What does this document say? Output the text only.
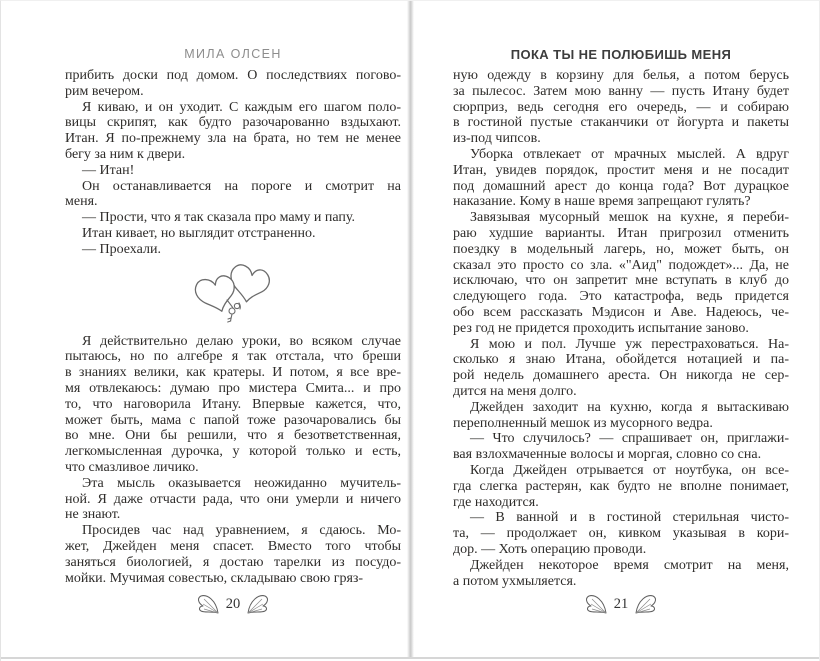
МИЛА ОЛСЕН
прибить доски под домом. О последствиях погово-
рим вечером.
Я киваю, и он уходит. С каждым его шагом поло-
вицы скрипят, как будто разочарованно вздыхают.
Итан. Я по-прежнему зла на брата, но тем не менее
бегу за ним к двери.
— Итан!
Он останавливается на пороге и смотрит на
меня.
— Прости, что я так сказала про маму и папу.
Итан кивает, но выглядит отстраненно.
— Проехали.
Я действительно делаю уроки, во всяком случае
пытаюсь, но по алгебре я так отстала, что бреши
в знаниях велики, как кратеры. И потом, я все вре-
мя отвлекаюсь: думаю про мистера Смита... и про
то, что наговорила Итану. Впервые кажется, что,
может быть, мама с папой тоже разочаровались бы
во мне. Они бы решили, что я безответственная,
легкомысленная дурочка, у которой только и есть,
что смазливое личико.
Эта мысль оказывается неожиданно мучитель-
ной. Я даже отчасти рада, что они умерли и ничего
не знают.
Просидев час над уравнением, я сдаюсь. Мо-
жет, Джейден меня спасет. Вместо того чтобы
заняться биологией, я достаю тарелки из посудо-
мойки. Мучимая совестью, складываю свою гряз-
20
ПОКА ТЫ НЕ ПОЛЮБИШЬ МЕНЯ
ную одежду в корзину для белья, а потом берусь
за пылесос. Затем мою ванну — пусть Итану будет
сюрприз, ведь сегодня его очередь, — и собираю
в гостиной пустые стаканчики от йогурта и пакеты
из-под чипсов.
Уборка отвлекает от мрачных мыслей. А вдруг
Итан, увидев порядок, простит меня и не посадит
под домашний арест до конца года? Вот дурацкое
наказание. Кому в наше время запрещают гулять?
Завязывая мусорный мешок на кухне, я переби-
раю худшие варианты. Итан пригрозил отменить
поездку в модельный лагерь, но, может быть, он
сказал это просто со зла. «"Аид" подождет»... Да, не
исключаю, что он запретит мне вступать в клуб до
следующего года. Это катастрофа, ведь придется
обо всем рассказать Мэдисон и Аве. Надеюсь, че-
рез год не придется проходить испытание заново.
Я мою и пол. Лучше уж перестраховаться. На-
сколько я знаю Итана, обойдется нотацией и па-
рой недель домашнего ареста. Он никогда не сер-
дится на меня долго.
Джейден заходит на кухню, когда я вытаскиваю
переполненный мешок из мусорного ведра.
— Что случилось? — спрашивает он, приглажи-
вая взлохмаченные волосы и моргая, словно со сна.
Когда Джейден отрывается от ноутбука, он все-
гда слегка растерян, как будто не вполне понимает,
где находится.
— В ванной и в гостиной стерильная чисто-
та, — продолжает он, кивком указывая в кори-
дор. — Хоть операцию проводи.
Джейден некоторое время смотрит на меня,
а потом ухмыляется.
21
